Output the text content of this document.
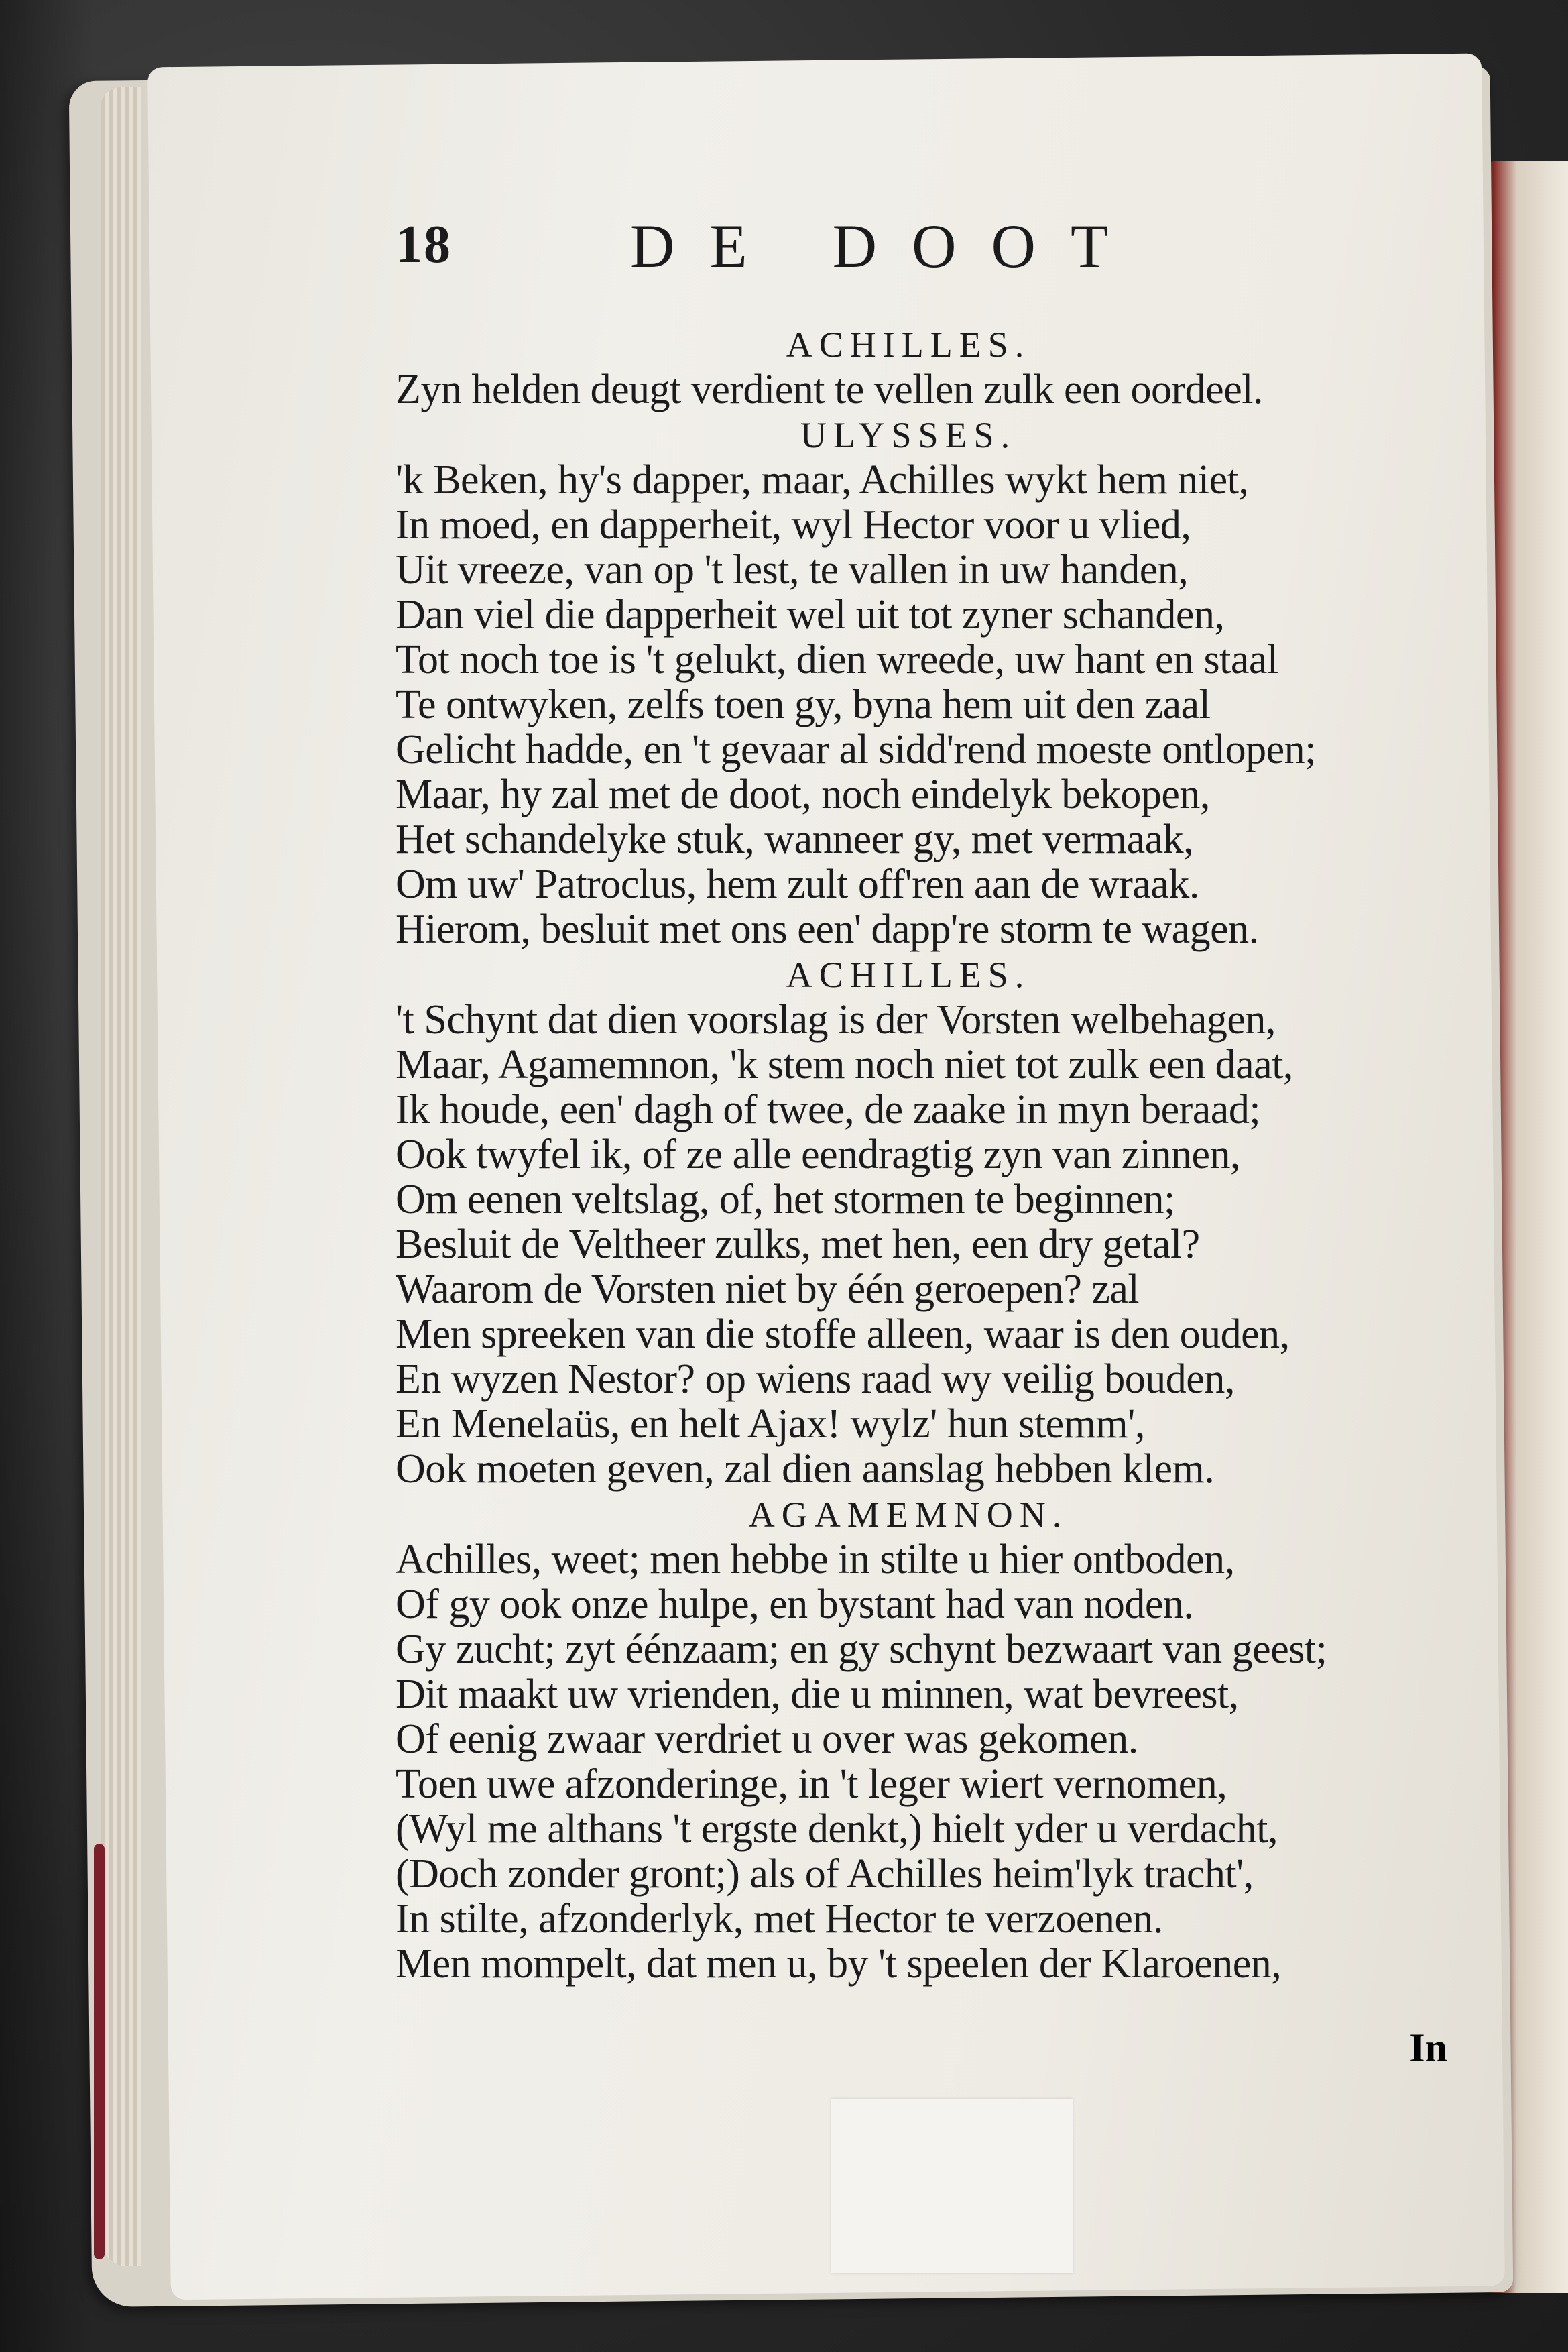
18	DE DOOT
ACHILLES.
Zyn helden deugt verdient te vellen zulk een oordeel.
ULYSSES.
'k Beken, hy's dapper, maar, Achilles wykt hem niet,
In moed, en dapperheit, wyl Hector voor u vlied,
Uit vreeze, van op 't lest, te vallen in uw handen,
Dan viel die dapperheit wel uit tot zyner schanden,
Tot noch toe is 't gelukt, dien wreede, uw hant en staal
Te ontwyken, zelfs toen gy, byna hem uit den zaal
Gelicht hadde, en 't gevaar al sidd'rend moeste ontlopen;
Maar, hy zal met de doot, noch eindelyk bekopen,
Het schandelyke stuk, wanneer gy, met vermaak,
Om uw' Patroclus, hem zult off'ren aan de wraak.
Hierom, besluit met ons een' dapp're storm te wagen.
ACHILLES.
't Schynt dat dien voorslag is der Vorsten welbehagen,
Maar, Agamemnon, 'k stem noch niet tot zulk een daat,
Ik houde, een' dagh of twee, de zaake in myn beraad;
Ook twyfel ik, of ze alle eendragtig zyn van zinnen,
Om eenen veltslag, of, het stormen te beginnen;
Besluit de Veltheer zulks, met hen, een dry getal?
Waarom de Vorsten niet by één geroepen? zal
Men spreeken van die stoffe alleen, waar is den ouden,
En wyzen Nestor? op wiens raad wy veilig bouden,
En Menelaüs, en helt Ajax! wylz' hun stemm',
Ook moeten geven, zal dien aanslag hebben klem.
AGAMEMNON.
Achilles, weet; men hebbe in stilte u hier ontboden,
Of gy ook onze hulpe, en bystant had van noden.
Gy zucht; zyt éénzaam; en gy schynt bezwaart van geest;
Dit maakt uw vrienden, die u minnen, wat bevreest,
Of eenig zwaar verdriet u over was gekomen.
Toen uwe afzonderinge, in 't leger wiert vernomen,
(Wyl me althans 't ergste denkt,) hielt yder u verdacht,
(Doch zonder gront;) als of Achilles heim'lyk tracht',
In stilte, afzonderlyk, met Hector te verzoenen.
Men mompelt, dat men u, by 't speelen der Klaroenen,
In
